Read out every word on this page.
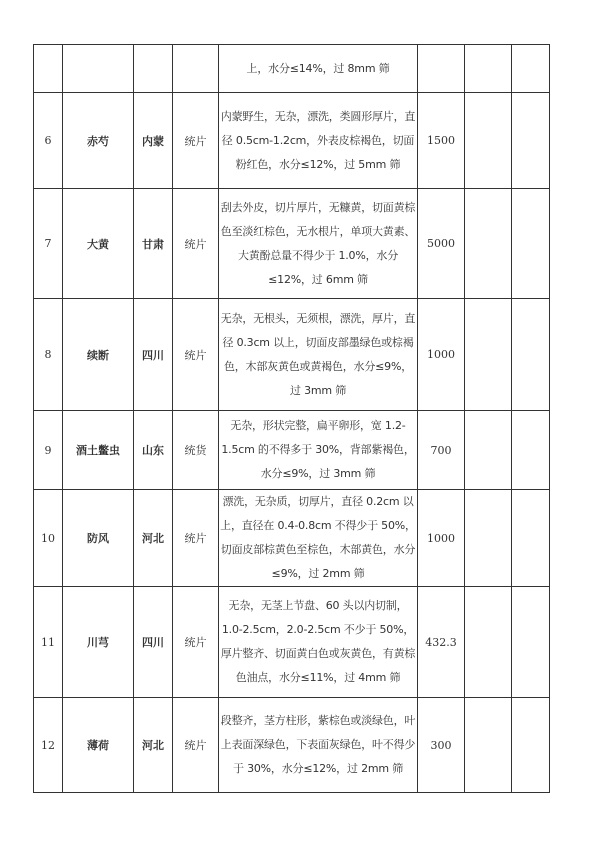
				上，水分≤14%，过 8mm 筛			
6	赤芍	内蒙	统片	内蒙野生，无杂，漂洗，类圆形厚片，直径 0.5cm-1.2cm，外表皮棕褐色，切面粉红色，水分≤12%，过 5mm 筛	1500		
7	大黄	甘肃	统片	刮去外皮，切片厚片，无糠黄，切面黄棕色至淡红棕色，无水根片，单项大黄素、大黄酚总量不得少于 1.0%，水分≤12%，过 6mm 筛	5000		
8	续断	四川	统片	无杂，无根头，无须根，漂洗，厚片，直径 0.3cm 以上，切面皮部墨绿色或棕褐色，木部灰黄色或黄褐色，水分≤9%，过 3mm 筛	1000		
9	酒土鳖虫	山东	统货	无杂，形状完整，扁平卵形，宽 1.2-1.5cm 的不得多于 30%，背部紫褐色，水分≤9%，过 3mm 筛	700		
10	防风	河北	统片	漂洗，无杂质，切厚片，直径 0.2cm 以上，直径在 0.4-0.8cm 不得少于 50%，切面皮部棕黄色至棕色，木部黄色，水分≤9%，过 2mm 筛	1000		
11	川芎	四川	统片	无杂，无茎上节盘、60 头以内切制，1.0-2.5cm，2.0-2.5cm 不少于 50%，厚片整齐、切面黄白色或灰黄色，有黄棕色油点，水分≤11%，过 4mm 筛	432.3		
12	薄荷	河北	统片	段整齐，茎方柱形，紫棕色或淡绿色，叶上表面深绿色，下表面灰绿色，叶不得少于 30%，水分≤12%，过 2mm 筛	300		
